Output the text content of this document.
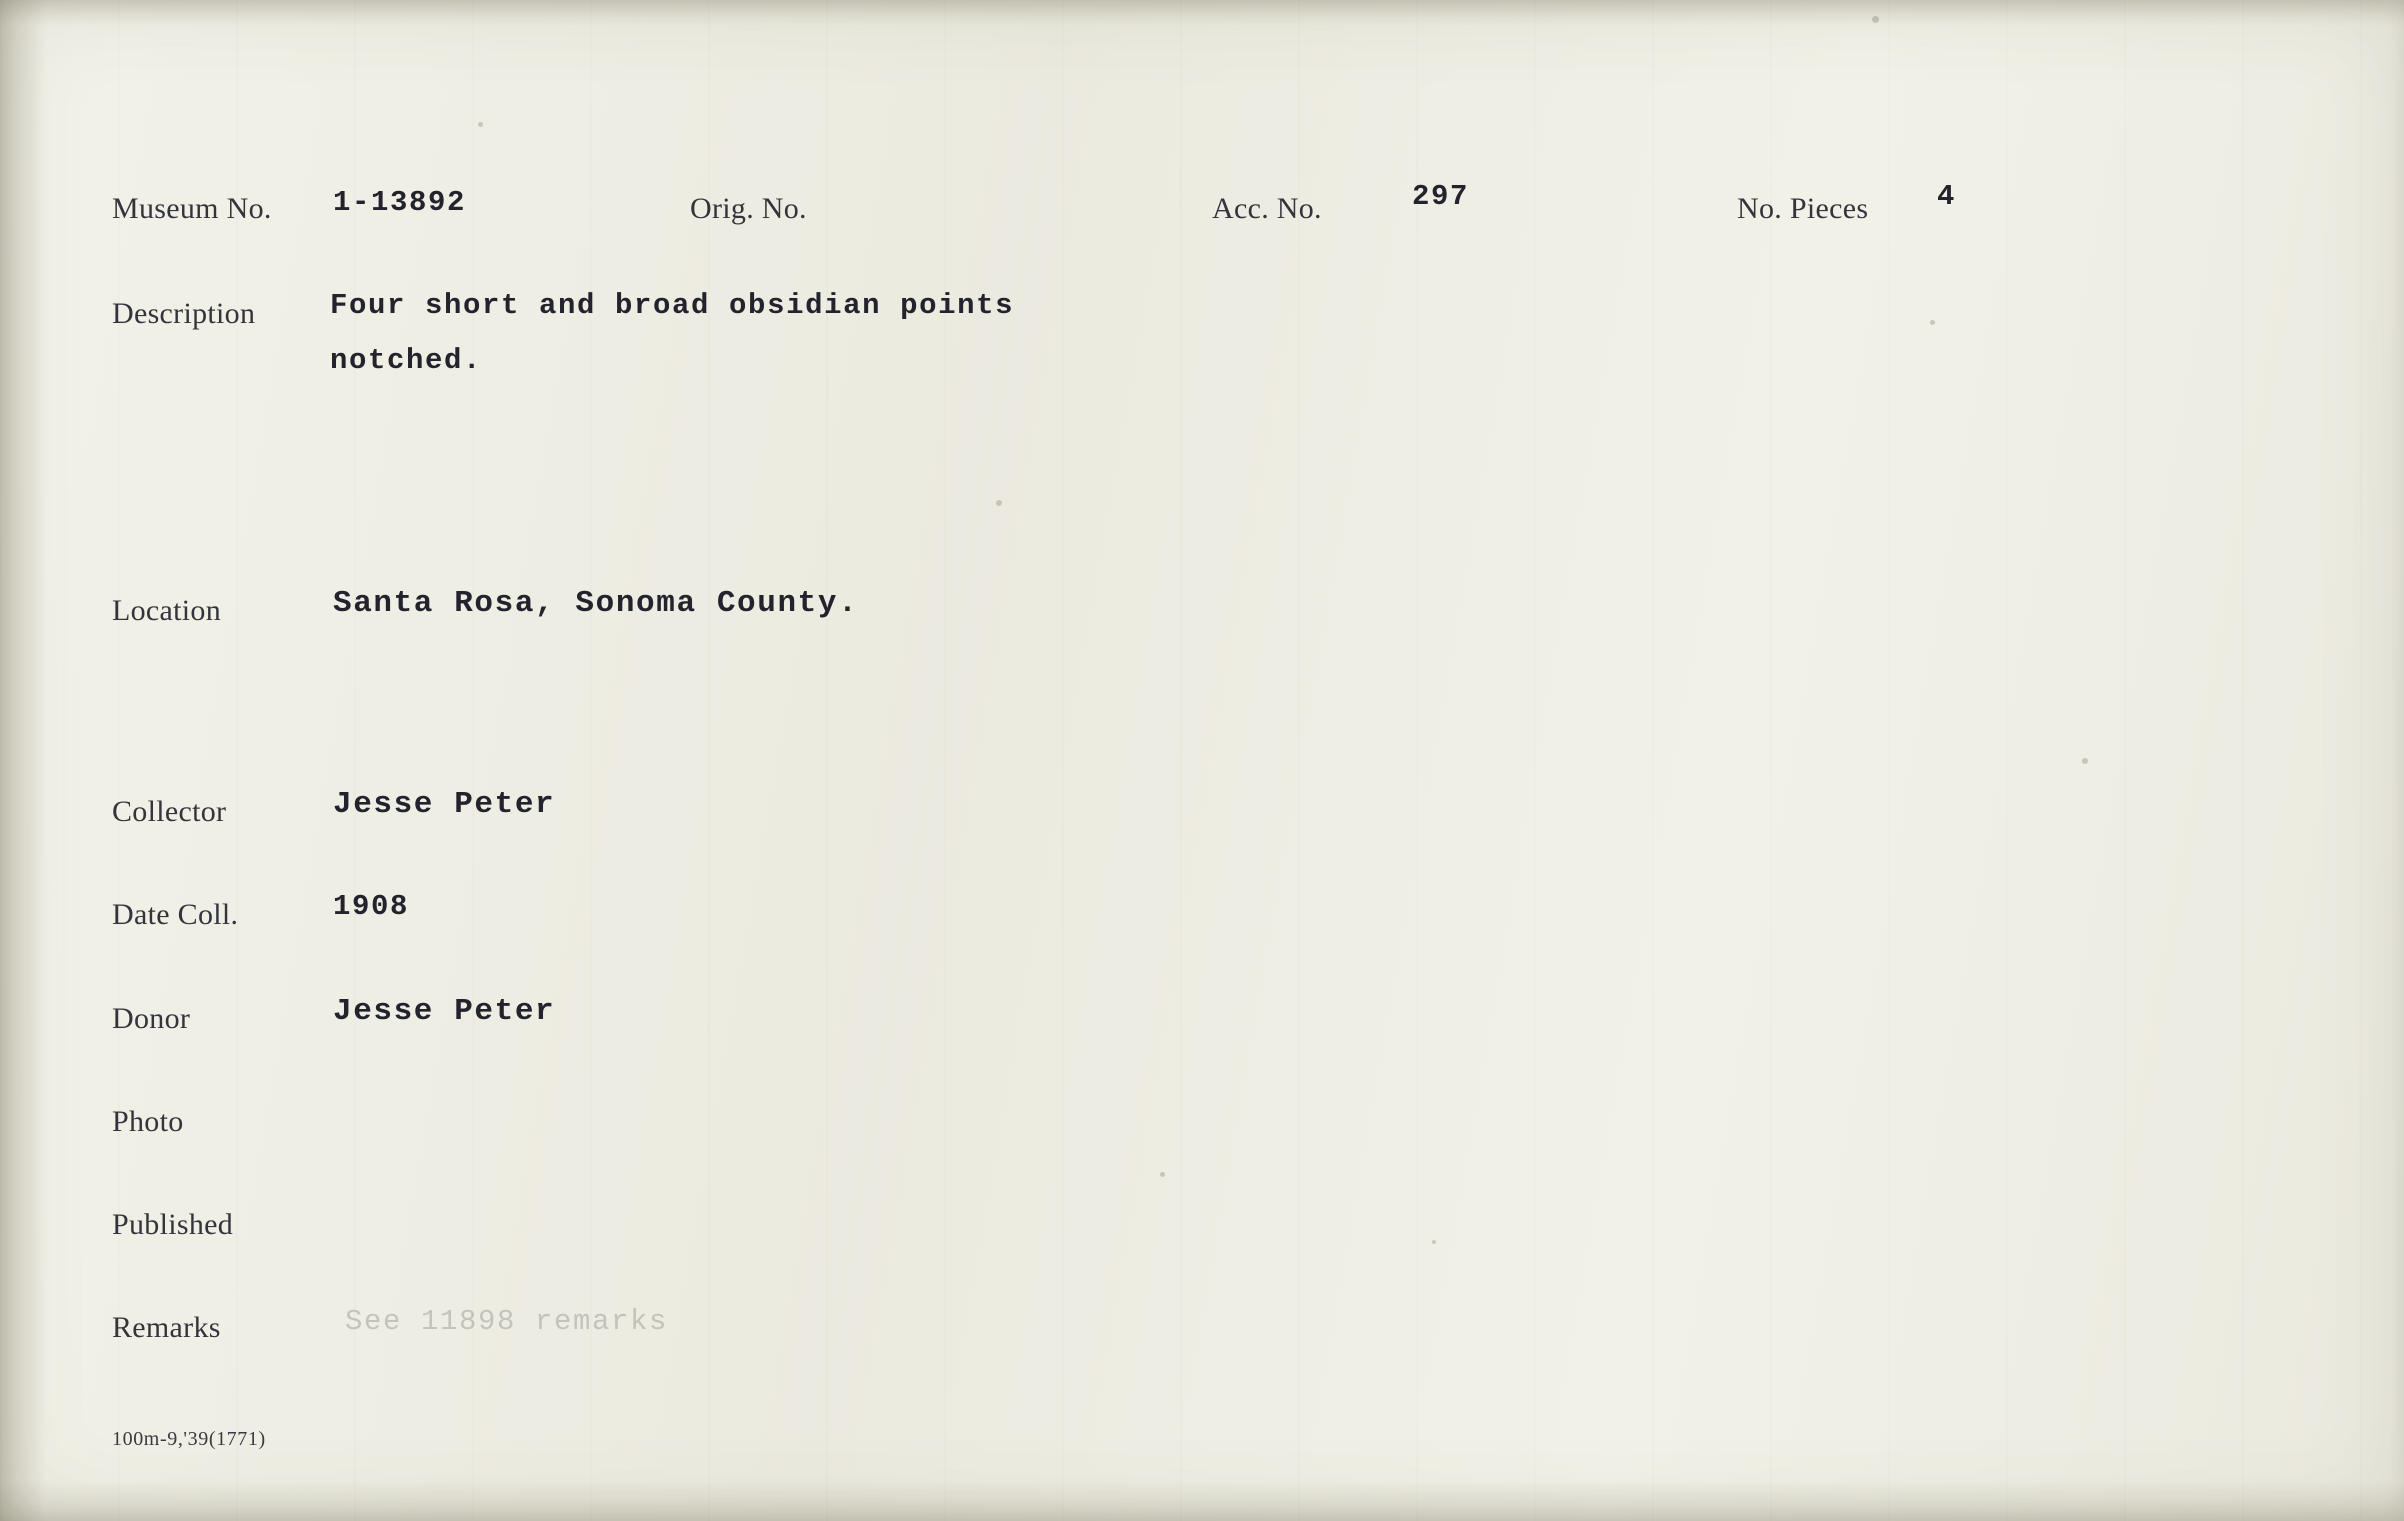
Museum No. 1-13892	Orig. No.	Acc. No.	297	No. Pieces 4
Description	Four short and broad obsidian points
notched.
Location	Santa Rosa, Sonoma County.
Collector	Jesse Peter
Date Coll.	1908
Donor	Jesse Peter
Photo
Published
Remarks	See 11898 remarks
100m-9,'39(1771)
